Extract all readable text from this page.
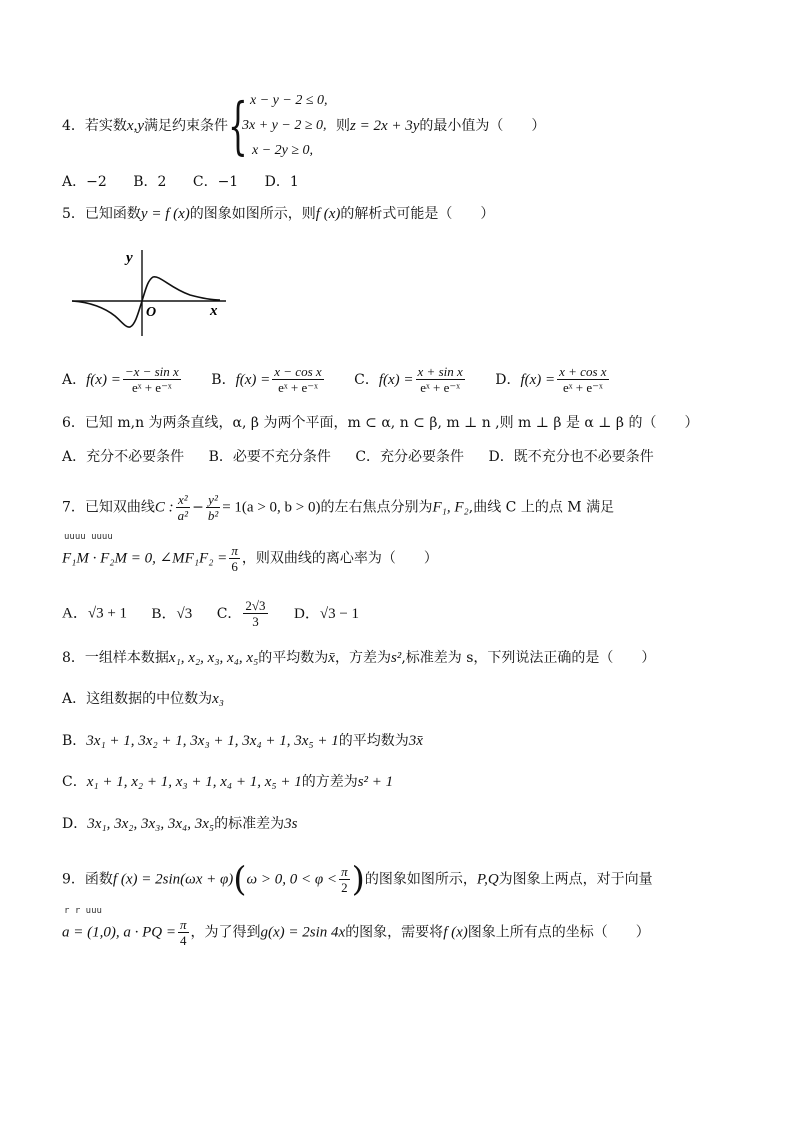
4．若实数x,y满足约束条件 { x − y − 2 ≤ 0,
3x + y − 2 ≥ 0,
x − 2y ≥ 0,
则z = 2x + 3y的最小值为（　　）
A．−2 B．2 C．−1 D．1
5．已知函数y = f (x)的图象如图所示，则f (x)的解析式可能是（　　）
y
x
O
A．$f(x) = \frac{\text{−x − sin x}}{\text{eˣ + e⁻ˣ}}$ B．$f(x) = \frac{\text{x − cos x}}{\text{eˣ + e⁻ˣ}}$ C．$f(x) = \frac{\text{x + sin x}}{\text{eˣ + e⁻ˣ}}$ D．$f(x) = \frac{\text{x + cos x}}{\text{eˣ + e⁻ˣ}}$
6．已知 m,n 为两条直线，α, β 为两个平面，m ⊂ α, n ⊂ β, m ⊥ n ,则 m ⊥ β 是 α ⊥ β 的（　　）
A．充分不必要条件 B．必要不充分条件 C．充分必要条件 D．既不充分也不必要条件
7．已知双曲线C : $\frac{\text{x²}}{\text{a²}} - \frac{\text{y²}}{\text{b²}} = 1(a > 0$, b > 0)的左右焦点分别为F₁, F₂,曲线 C 上的点 M 满足
uuuu uuuu
F₁M · F₂M = 0, ∠MF₁F₂ = $\frac{\pi}{6}$ ，则双曲线的离心率为（　　）
A．√3 + 1 B．√3 C． $\frac{2√3}{3}$ D．√3 − 1
8．一组样本数据x₁, x₂, x₃, x₄, x₅的平均数为x̄，方差为s²,标准差为 s，下列说法正确的是（　　）
A．这组数据的中位数为x₃
B．3x₁ + 1, 3x₂ + 1, 3x₃ + 1, 3x₄ + 1, 3x₅ + 1的平均数为3x̄
C．x₁ + 1, x₂ + 1, x₃ + 1, x₄ + 1, x₅ + 1的方差为s² + 1
D．3x₁, 3x₂, 3x₃, 3x₄, 3x₅的标准差为3s
9．函数f (x) = 2sin(ωx + φ)(ω > 0, $0 < \varphi < \frac{\pi}{2}$ )的图象如图所示，P,Q为图象上两点，对于向量
r r uuu
a = (1,0), a · PQ = $\frac{\pi}{4}$ ，为了得到g(x) = 2sin 4x的图象，需要将f (x)图象上所有点的坐标（　　）
